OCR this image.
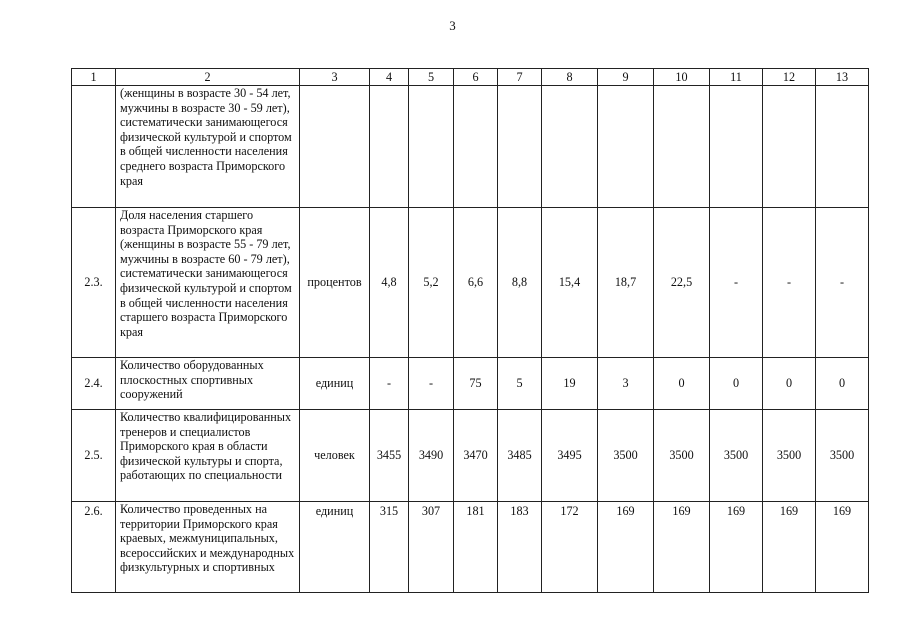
3
1	2	3	4	5	6	7	8	9	10	11	12	13
	(женщины в возрасте 30 - 54 лет, мужчины в возрасте 30 - 59 лет), систематически занимающегося физической культурой и спортом в общей численности населения среднего возраста Приморского края											
2.3.	Доля населения старшего возраста Приморского края (женщины в возрасте 55 - 79 лет, мужчины в возрасте 60 - 79 лет), систематически занимающегося физической культурой и спортом в общей численности населения старшего возраста Приморского края	процентов	4,8	5,2	6,6	8,8	15,4	18,7	22,5	-	-	-
2.4.	Количество оборудованных плоскостных спортивных сооружений	единиц	-	-	75	5	19	3	0	0	0	0
2.5.	Количество квалифицированных тренеров и специалистов Приморского края в области физической культуры и спорта, работающих по специальности	человек	3455	3490	3470	3485	3495	3500	3500	3500	3500	3500
2.6.	Количество проведенных на территории Приморского края краевых, межмуниципальных, всероссийских и международных физкультурных и спортивных	единиц	315	307	181	183	172	169	169	169	169	169
